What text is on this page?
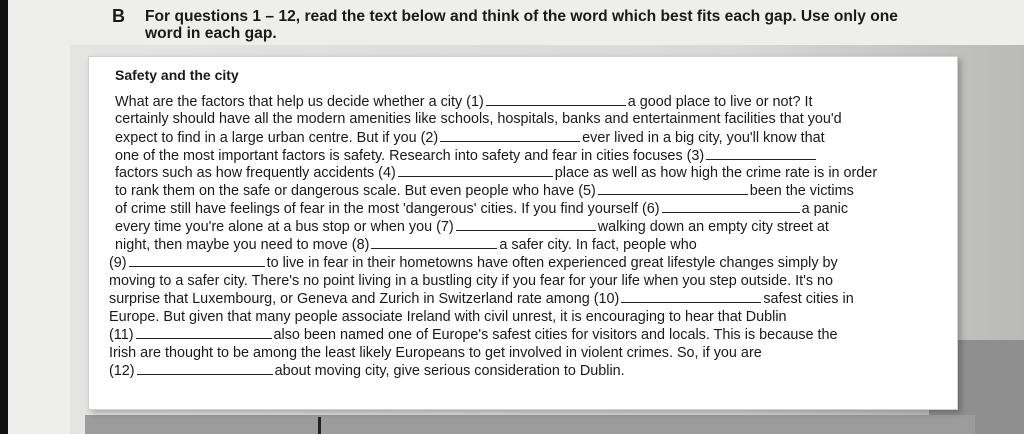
B	For questions 1 – 12, read the text below and think of the word which best fits each gap. Use only one word in each gap.
Safety and the city
What are the factors that help us decide whether a city (1)	a good place to live or not? It
certainly should have all the modern amenities like schools, hospitals, banks and entertainment facilities that you'd
expect to find in a large urban centre. But if you (2)	ever lived in a big city, you'll know that
one of the most important factors is safety. Research into safety and fear in cities focuses (3)
factors such as how frequently accidents (4)	place as well as how high the crime rate is in order
to rank them on the safe or dangerous scale. But even people who have (5)	been the victims
of crime still have feelings of fear in the most 'dangerous' cities. If you find yourself (6)	a panic
every time you're alone at a bus stop or when you (7)	walking down an empty city street at
night, then maybe you need to move (8)	a safer city. In fact, people who
(9)	to live in fear in their hometowns have often experienced great lifestyle changes simply by
moving to a safer city. There's no point living in a bustling city if you fear for your life when you step outside. It's no
surprise that Luxembourg, or Geneva and Zurich in Switzerland rate among (10)	safest cities in
Europe. But given that many people associate Ireland with civil unrest, it is encouraging to hear that Dublin
(11)	also been named one of Europe's safest cities for visitors and locals. This is because the
Irish are thought to be among the least likely Europeans to get involved in violent crimes. So, if you are
(12)	about moving city, give serious consideration to Dublin.
